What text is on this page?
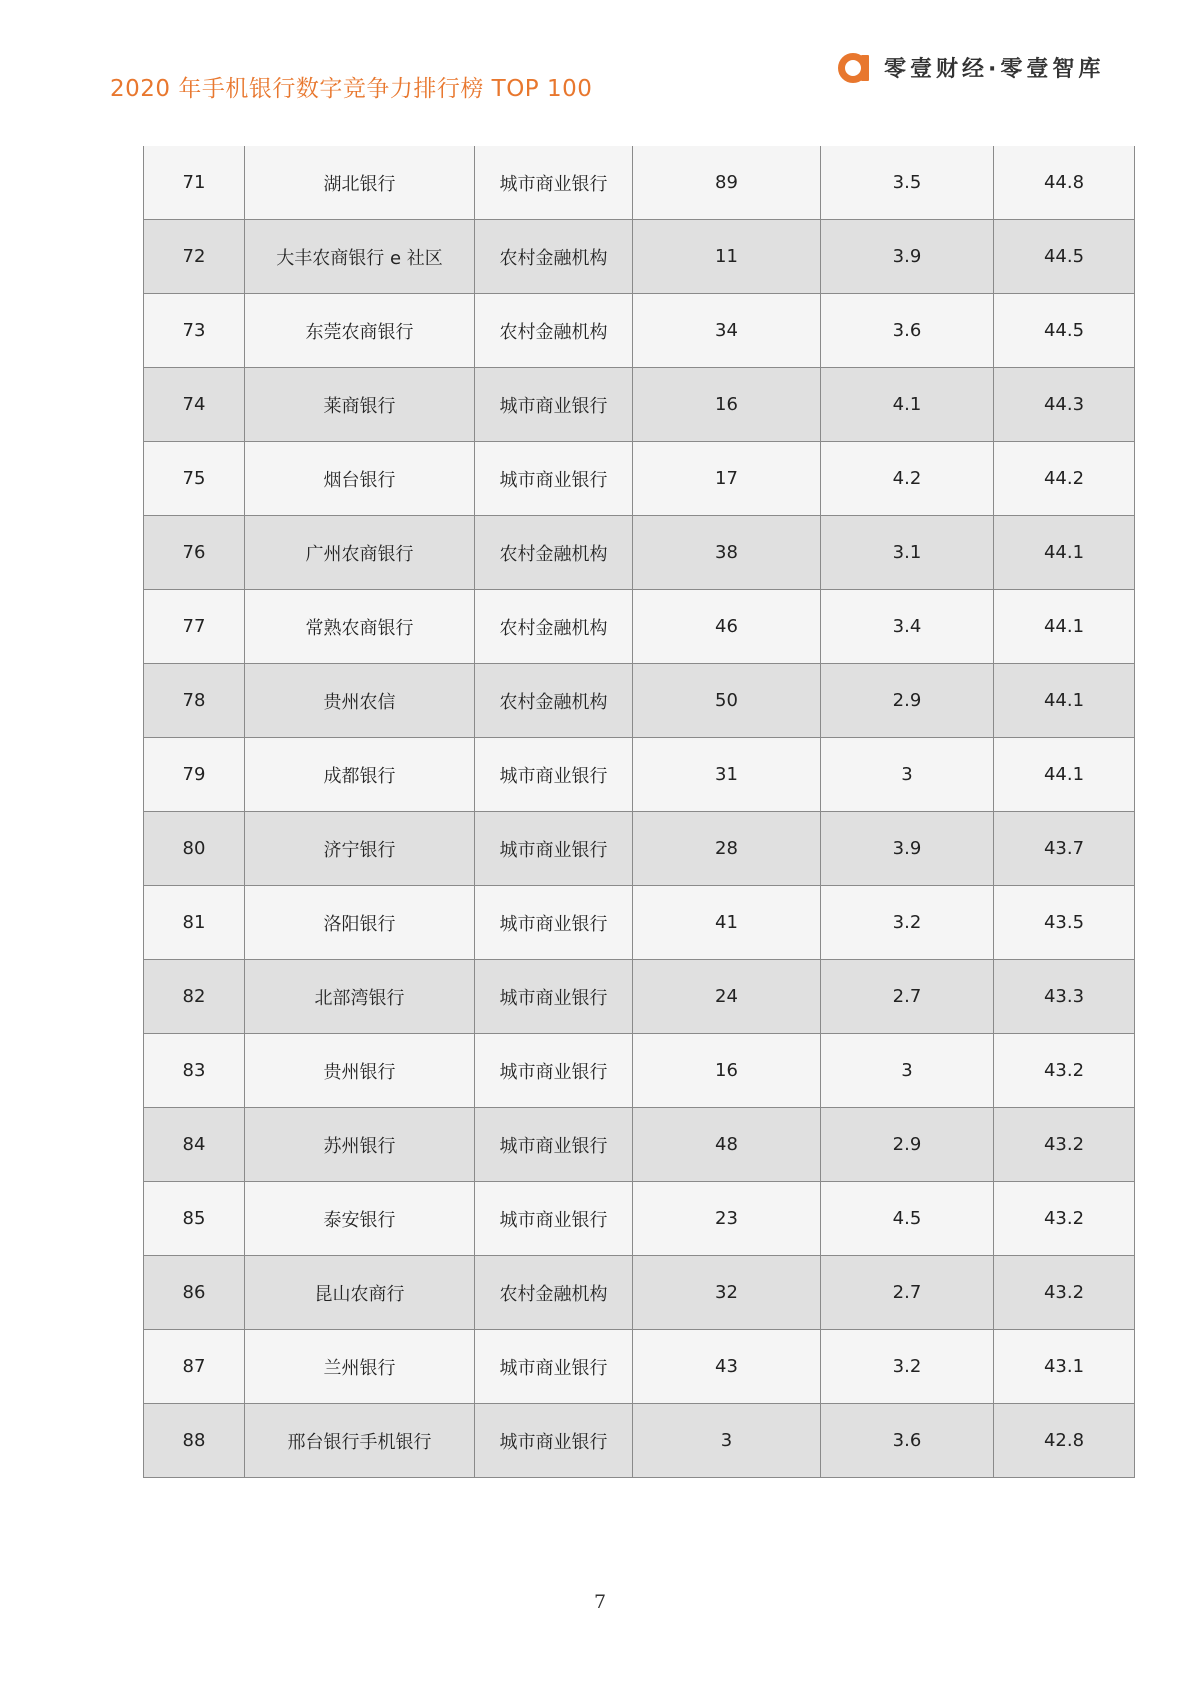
2020 年手机银行数字竞争力排行榜 TOP 100
零壹财经·零壹智库
71	湖北银行	城市商业银行	89	3.5	44.8
72	大丰农商银行 e 社区	农村金融机构	11	3.9	44.5
73	东莞农商银行	农村金融机构	34	3.6	44.5
74	莱商银行	城市商业银行	16	4.1	44.3
75	烟台银行	城市商业银行	17	4.2	44.2
76	广州农商银行	农村金融机构	38	3.1	44.1
77	常熟农商银行	农村金融机构	46	3.4	44.1
78	贵州农信	农村金融机构	50	2.9	44.1
79	成都银行	城市商业银行	31	3	44.1
80	济宁银行	城市商业银行	28	3.9	43.7
81	洛阳银行	城市商业银行	41	3.2	43.5
82	北部湾银行	城市商业银行	24	2.7	43.3
83	贵州银行	城市商业银行	16	3	43.2
84	苏州银行	城市商业银行	48	2.9	43.2
85	泰安银行	城市商业银行	23	4.5	43.2
86	昆山农商行	农村金融机构	32	2.7	43.2
87	兰州银行	城市商业银行	43	3.2	43.1
88	邢台银行手机银行	城市商业银行	3	3.6	42.8
7
